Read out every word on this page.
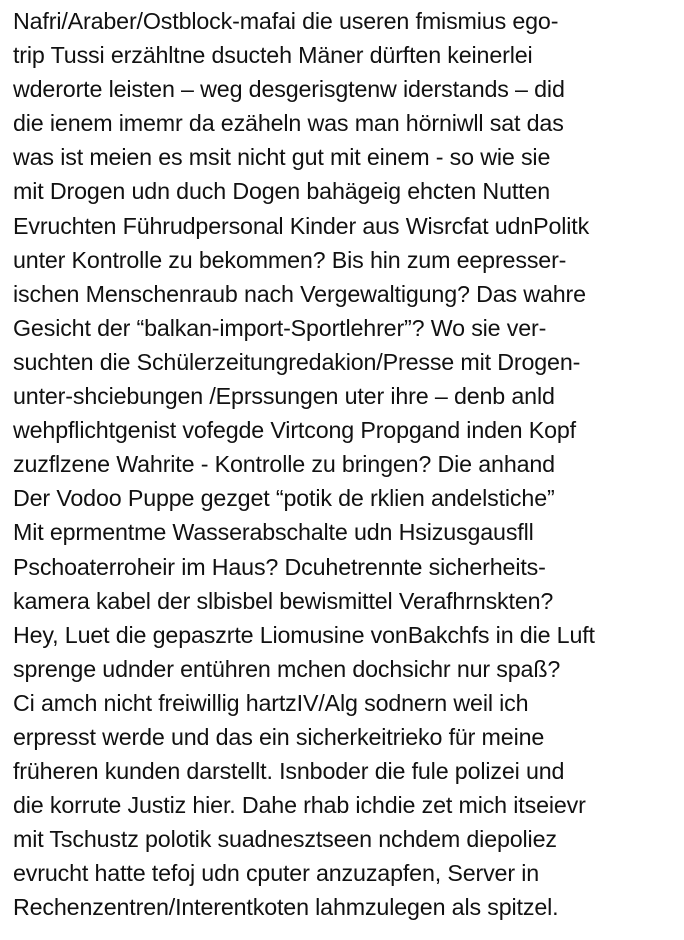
Nafri/Araber/Ostblock-mafai die useren fmismius ego-
trip Tussi erzähltne dsucteh Mäner dürften keinerlei
wderorte leisten – weg desgerisgtenw iderstands – did
die ienem imemr da ezäheln was man hörniwll sat das
was ist meien es msit nicht gut mit einem - so wie sie
mit Drogen udn duch Dogen bahägeig ehcten Nutten
Evruchten Führudpersonal Kinder aus Wisrcfat udnPolitk
unter Kontrolle zu bekommen? Bis hin zum eepresser-
ischen Menschenraub nach Vergewaltigung? Das wahre
Gesicht der “balkan-import-Sportlehrer”? Wo sie ver-
suchten die Schülerzeitungredakion/Presse mit Drogen-
unter-shciebungen /Eprssungen uter ihre – denb anld
wehpflichtgenist vofegde Virtcong Propgand inden Kopf
zuzflzene Wahrite - Kontrolle zu bringen? Die anhand
Der Vodoo Puppe gezget “potik de rklien andelstiche”
Mit eprmentme Wasserabschalte udn Hsizusgausfll
Pschoaterroheir im Haus? Dcuhetrennte sicherheits-
kamera kabel der slbisbel bewismittel Verafhrnskten?
Hey, Luet die gepaszrte Liomusine vonBakchfs in die Luft
sprenge udnder entühren mchen dochsichr nur spaß?
Ci amch nicht freiwillig hartzIV/Alg sodnern weil ich
erpresst werde und das ein sicherkeitrieko für meine
früheren kunden darstellt. Isnboder die fule polizei und
die korrute Justiz hier. Dahe rhab ichdie zet mich itseievr
mit Tschustz polotik suadnesztseen nchdem diepoliez
evrucht hatte tefoj udn cputer anzuzapfen, Server in
Rechenzentren/Interentkoten lahmzulegen als spitzel.
